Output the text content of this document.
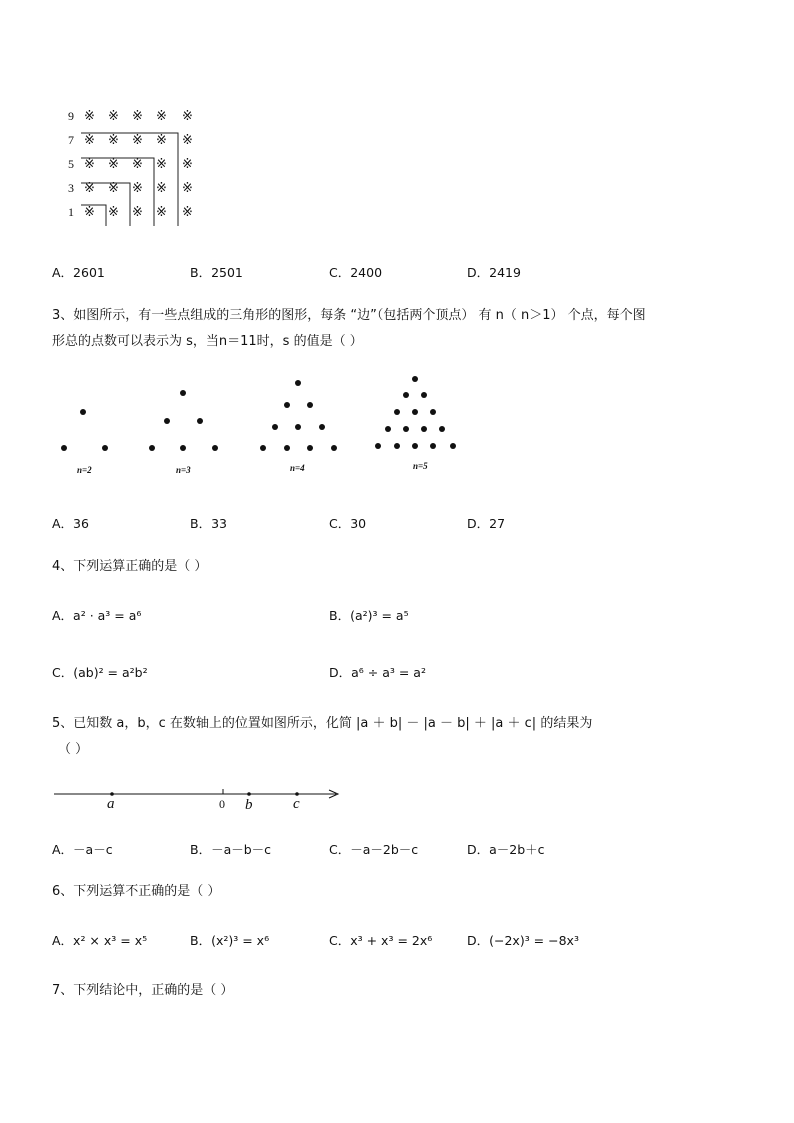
9
7
5
3
1
※ ※ ※ ※ ※
※ ※ ※ ※ ※
※ ※ ※ ※ ※
※ ※ ※ ※ ※
※ ※ ※ ※ ※
A．2601	B．2501	C．2400	D．2419
3、如图所示，有一些点组成的三角形的图形，每条 “边”（包括两个顶点） 有 n（ n＞1） 个点，每个图
形总的点数可以表示为 s，当n＝11时，s 的值是（ ）
n=2	n=3	n=4	n=5
A．36	B．33	C．30	D．27
4、下列运算正确的是（ ）
A．a² · a³ = a⁶	B．(a²)³ = a⁵
C．(ab)² = a²b²	D．a⁶ ÷ a³ = a²
5、已知数 a，b，c 在数轴上的位置如图所示，化简 |a ＋ b| － |a － b| ＋ |a ＋ c| 的结果为
（ ）
a	0 b	c
A．－a－c	B．－a－b－c	C．－a－2b－c	D．a－2b＋c
6、下列运算不正确的是（ ）
A．x² × x³ = x⁵	B．(x²)³ = x⁶	C．x³ + x³ = 2x⁶	D．(−2x)³ = −8x³
7、下列结论中，正确的是（ ）
